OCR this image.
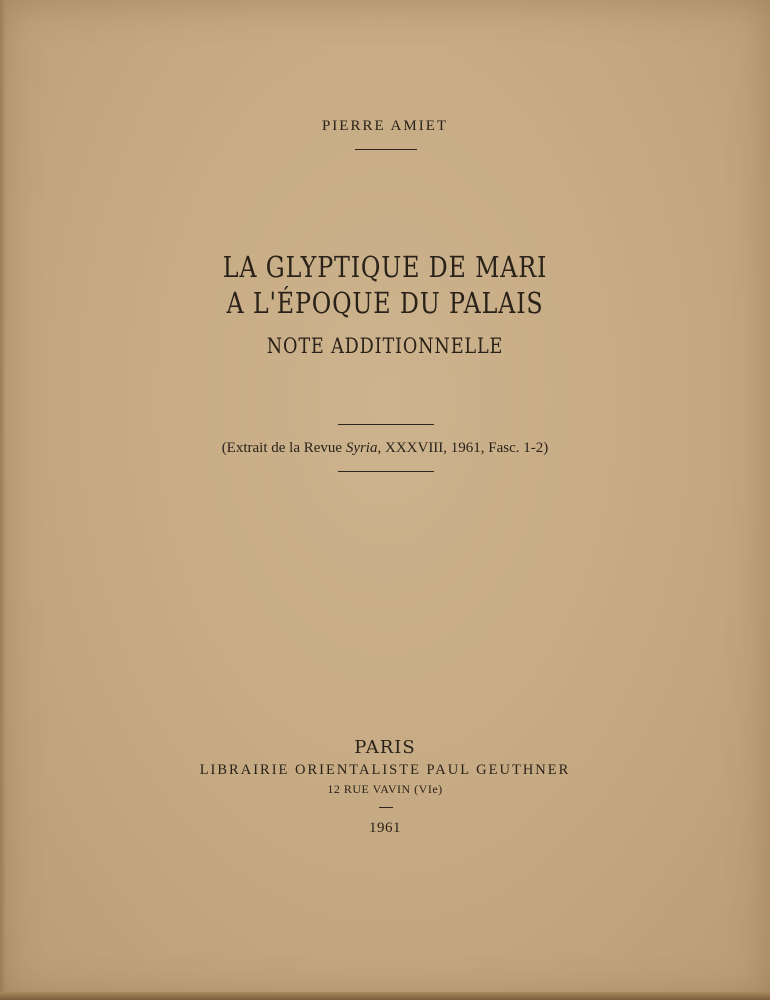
PIERRE AMIET
LA GLYPTIQUE DE MARI
A L'ÉPOQUE DU PALAIS
NOTE ADDITIONNELLE
(Extrait de la Revue Syria, XXXVIII, 1961, Fasc. 1-2)
PARIS
LIBRAIRIE ORIENTALISTE PAUL GEUTHNER
12 RUE VAVIN (VIe)
1961
